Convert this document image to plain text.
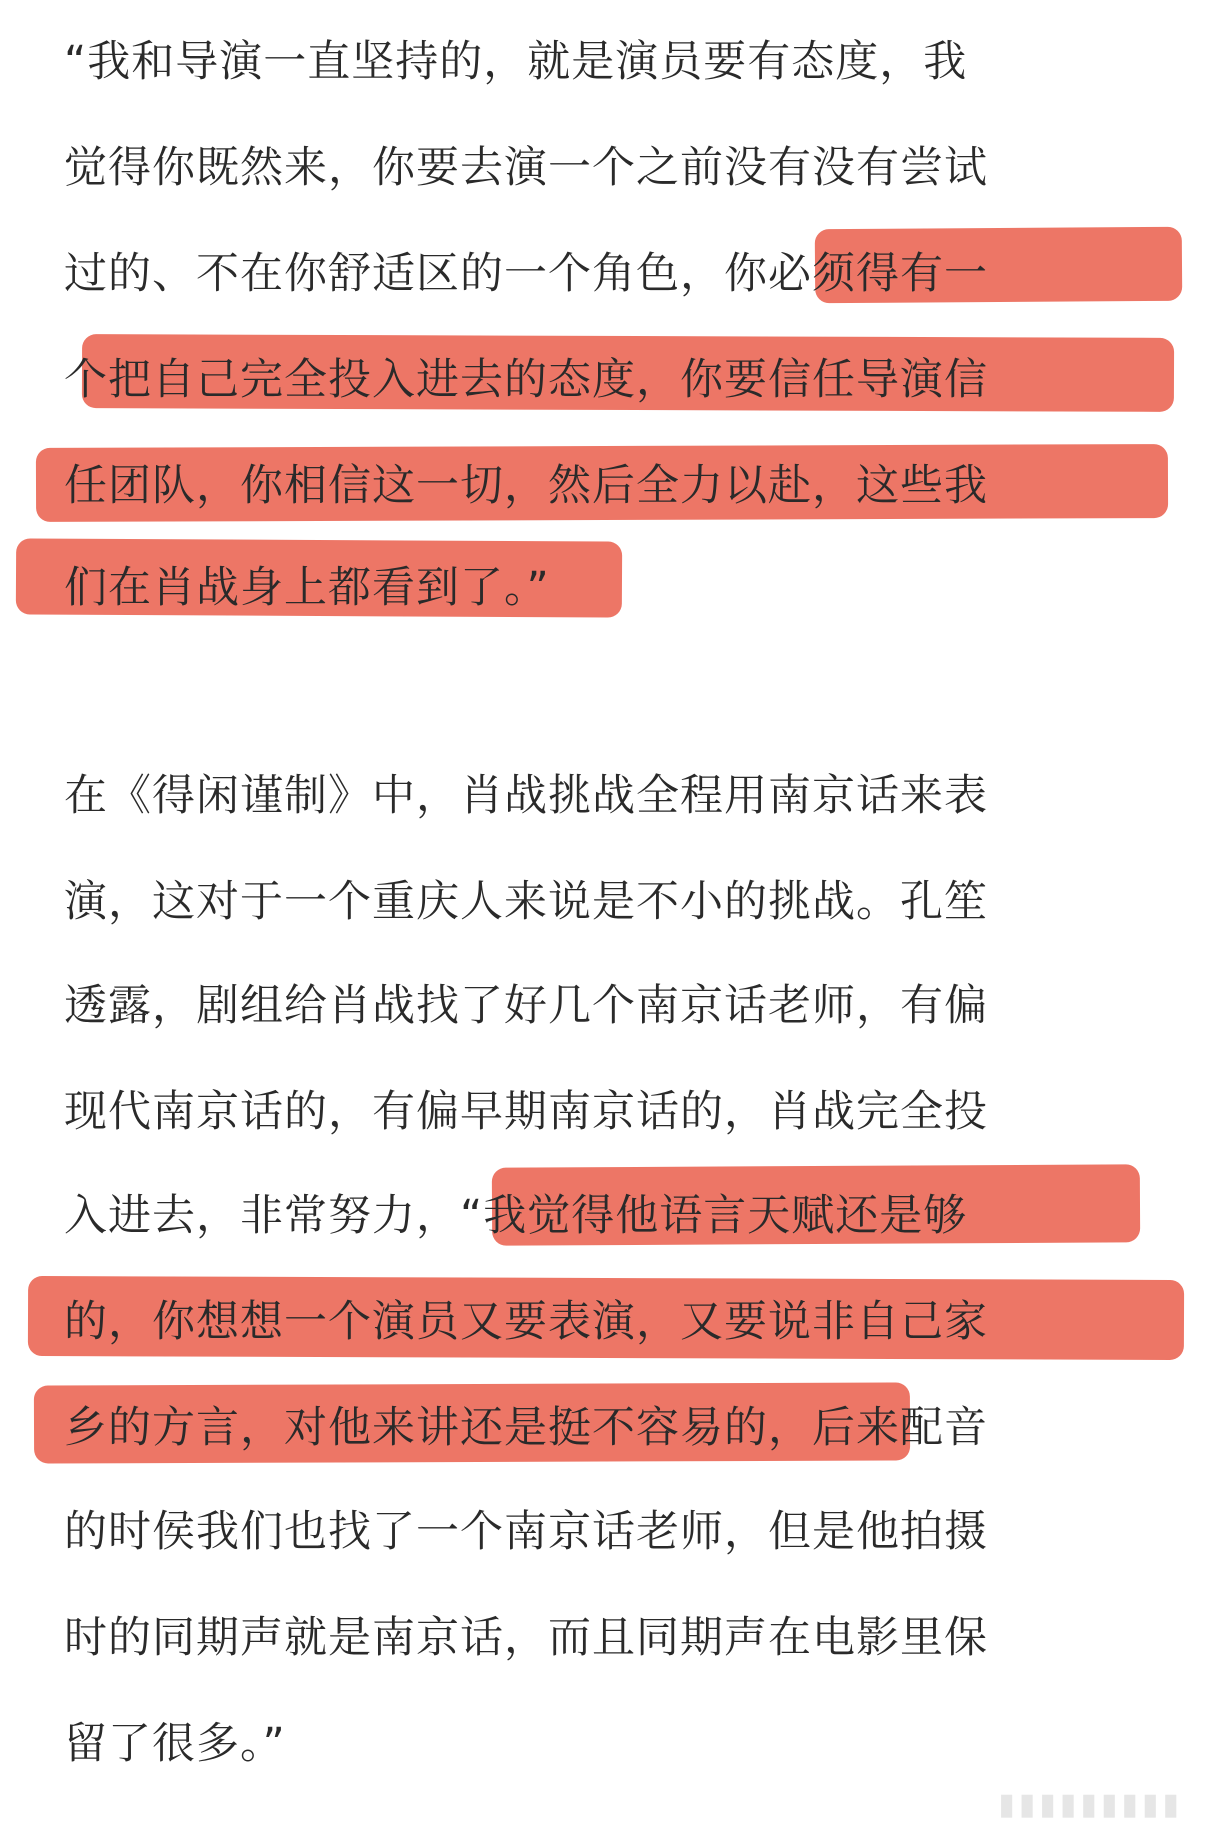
“我和导演一直坚持的，就是演员要有态度，我
觉得你既然来，你要去演一个之前没有没有尝试
过的、不在你舒适区的一个角色，你必须得有一
个把自己完全投入进去的态度，你要信任导演信
任团队，你相信这一切，然后全力以赴，这些我
们在肖战身上都看到了。”
在《得闲谨制》中，肖战挑战全程用南京话来表
演，这对于一个重庆人来说是不小的挑战。孔笙
透露，剧组给肖战找了好几个南京话老师，有偏
现代南京话的，有偏早期南京话的，肖战完全投
入进去，非常努力，“我觉得他语言天赋还是够
的，你想想一个演员又要表演，又要说非自己家
乡的方言，对他来讲还是挺不容易的，后来配音
的时侯我们也找了一个南京话老师，但是他拍摄
时的同期声就是南京话，而且同期声在电影里保
留了很多。”
▮▮▮▮▮▮▮▮▮
